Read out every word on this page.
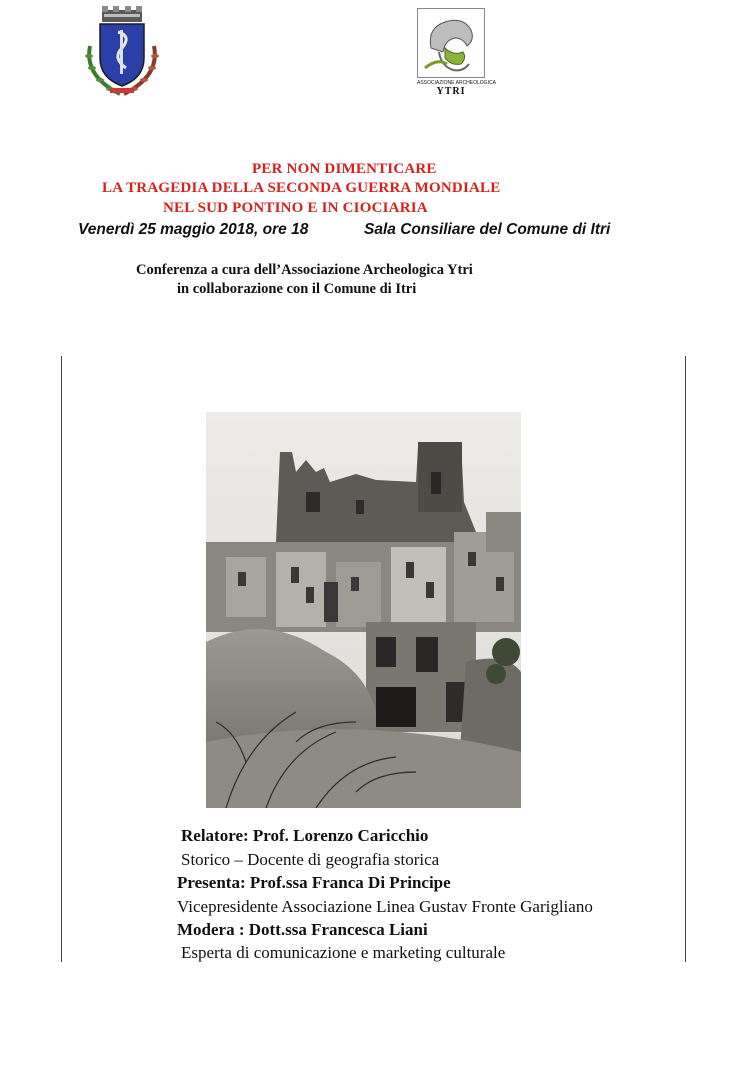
ASSOCIAZIONE ARCHEOLOGICA
YTRI
PER NON DIMENTICARE
LA TRAGEDIA DELLA SECONDA GUERRA MONDIALE
NEL SUD PONTINO E IN CIOCIARIA
Venerdì 25 maggio 2018, ore 18	Sala Consiliare del Comune di Itri
Conferenza a cura dell’Associazione Archeologica Ytri
in collaborazione con il Comune di Itri
Relatore: Prof. Lorenzo Caricchio
Storico – Docente di geografia storica
Presenta: Prof.ssa Franca Di Principe
Vicepresidente Associazione Linea Gustav Fronte Garigliano
Modera : Dott.ssa Francesca Liani
Esperta di comunicazione e marketing culturale
